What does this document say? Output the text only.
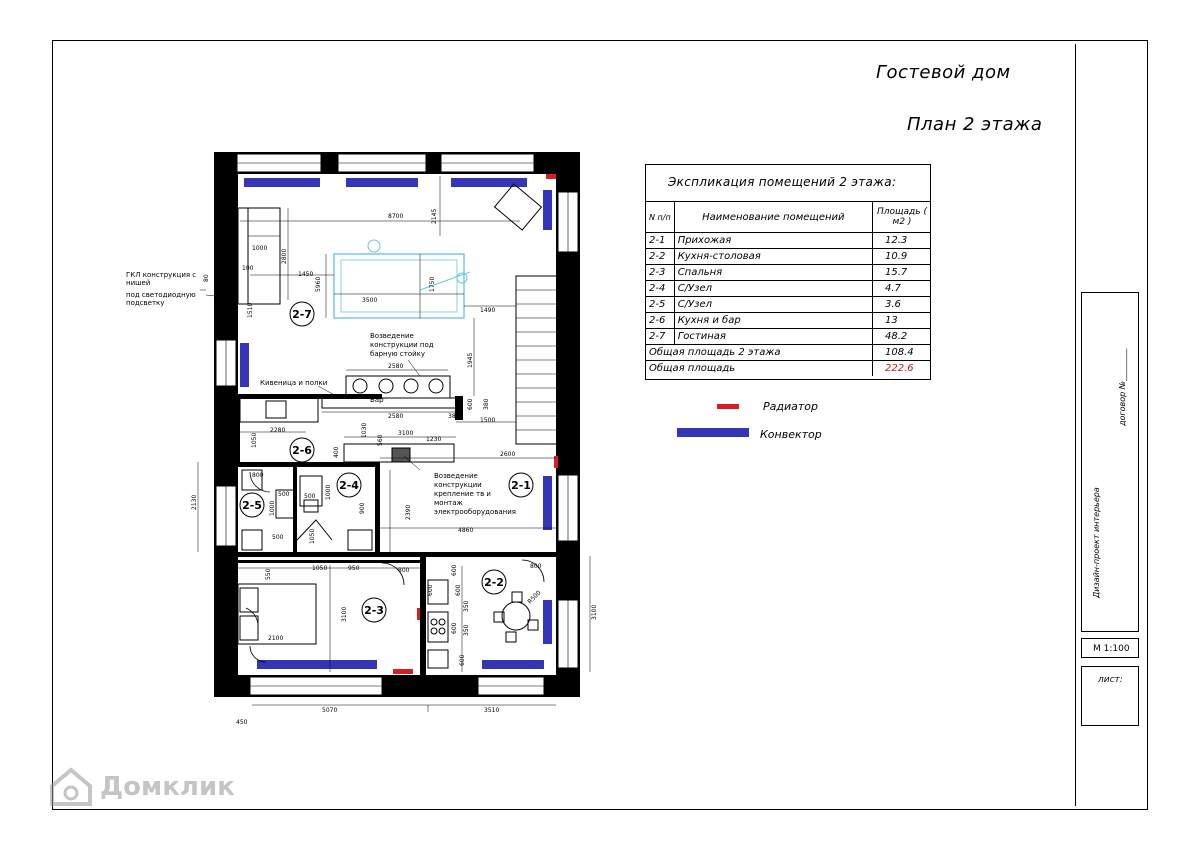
Гостевой дом
План 2 этажа
2-7
2-6
2-5
2-4	2-1
2-3
2-2
ГКЛ конструкция с
нишей
под светодиодную
подсветку
Возведение
конструкции под
барную стойку
Возведение
конструкции
крепление тв и
монтаж
электрооборудования
Кивеница и полки
Бар
8700	2145
1000
2800
100
1450
5960	1750
3500
1490
1510
1945
2580
600 380
2580	380
1500
2280	3100
1230
1050
1030
560
400	2600
800
500
1000
500 1000
900	2390
4860
500	1050
2130
550
1050	950	800
800
3100
2100
3100
R500
5070	3510
450
80
600
600
350
350
600
600
600
Экспликация помещений 2 этажа:
N п/п	Наименование помещений	Площадь ( м2 )
2-1	Прихожая	12.3
2-2	Кухня-столовая	10.9
2-3	Спальня	15.7
2-4	С/Узел	4.7
2-5	С/Узел	3.6
2-6	Кухня и бар	13
2-7	Гостиная	48.2
Общая площадь 2 этажа		108.4
Общая площадь		222.6
Радиатор
Конвектор
Дизайн-проект интерьера
договор №________
М 1:100
лист:
Домклик
